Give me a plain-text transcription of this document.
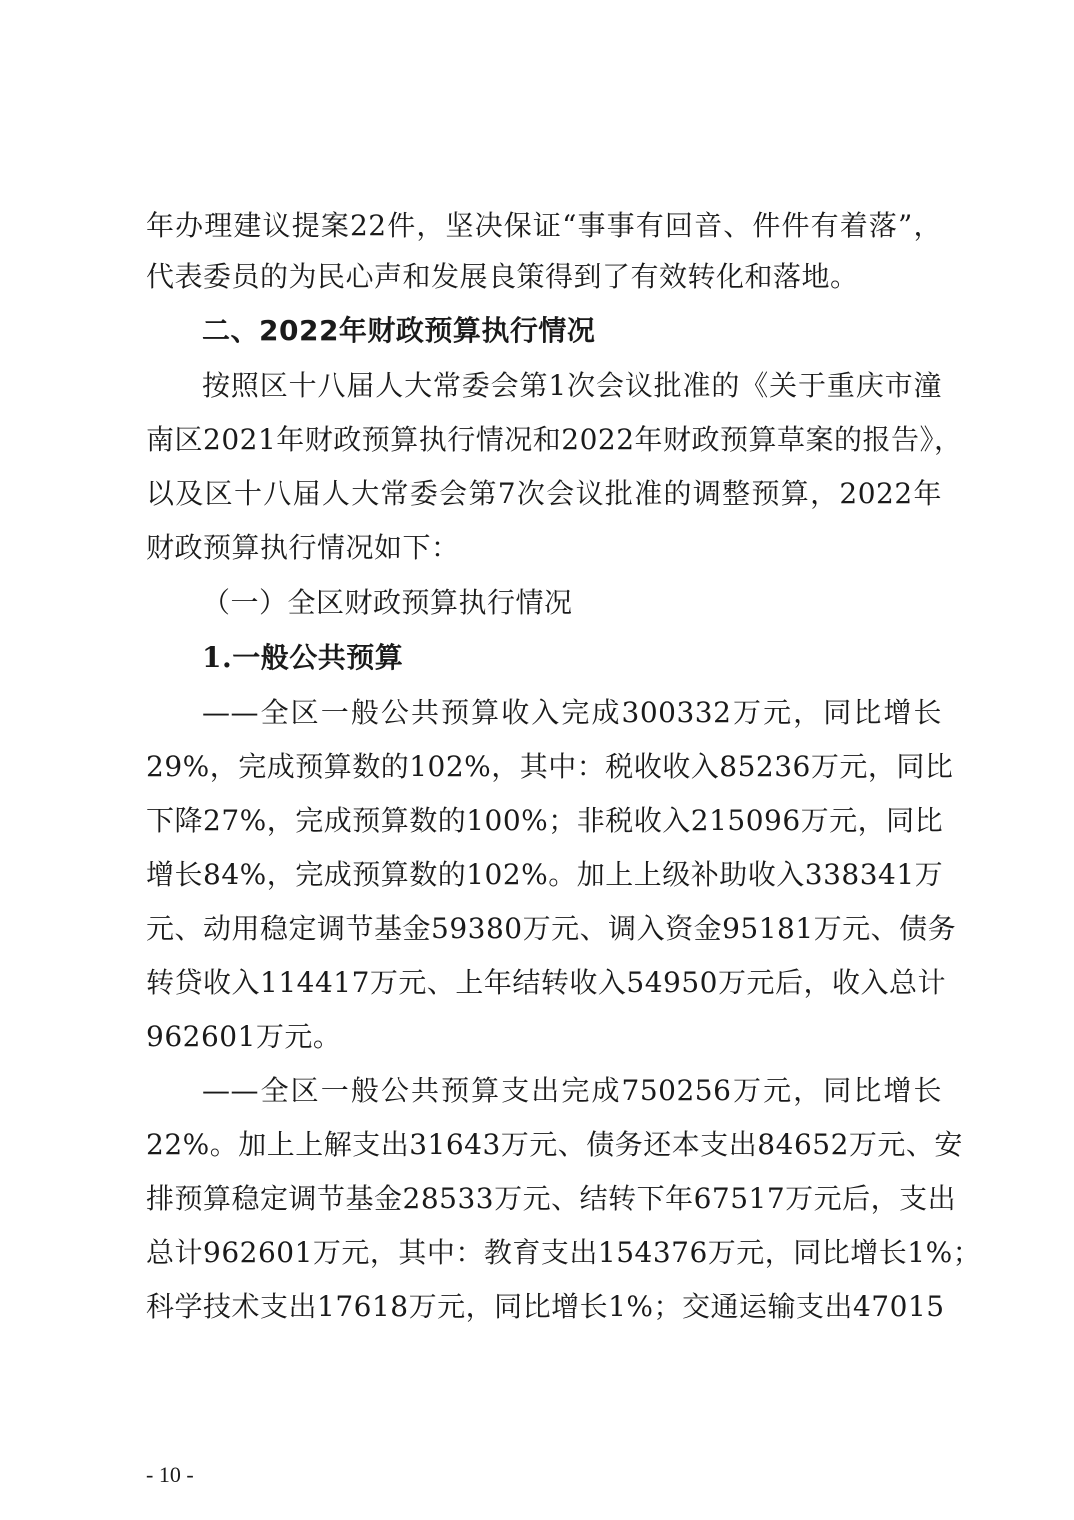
年办理建议提案22件，坚决保证“事事有回音、件件有着落”，
代表委员的为民心声和发展良策得到了有效转化和落地。
二、2022年财政预算执行情况
按照区十八届人大常委会第1次会议批准的《关于重庆市潼
南区2021年财政预算执行情况和2022年财政预算草案的报告》，
以及区十八届人大常委会第7次会议批准的调整预算，2022年
财政预算执行情况如下：
（一）全区财政预算执行情况
1.一般公共预算
——全区一般公共预算收入完成300332万元，同比增长
29%，完成预算数的102%，其中：税收收入85236万元，同比
下降27%，完成预算数的100%；非税收入215096万元，同比
增长84%，完成预算数的102%。加上上级补助收入338341万
元、动用稳定调节基金59380万元、调入资金95181万元、债务
转贷收入114417万元、上年结转收入54950万元后，收入总计
962601万元。
——全区一般公共预算支出完成750256万元，同比增长
22%。加上上解支出31643万元、债务还本支出84652万元、安
排预算稳定调节基金28533万元、结转下年67517万元后，支出
总计962601万元，其中：教育支出154376万元，同比增长1%；
科学技术支出17618万元，同比增长1%；交通运输支出47015
- 10 -
